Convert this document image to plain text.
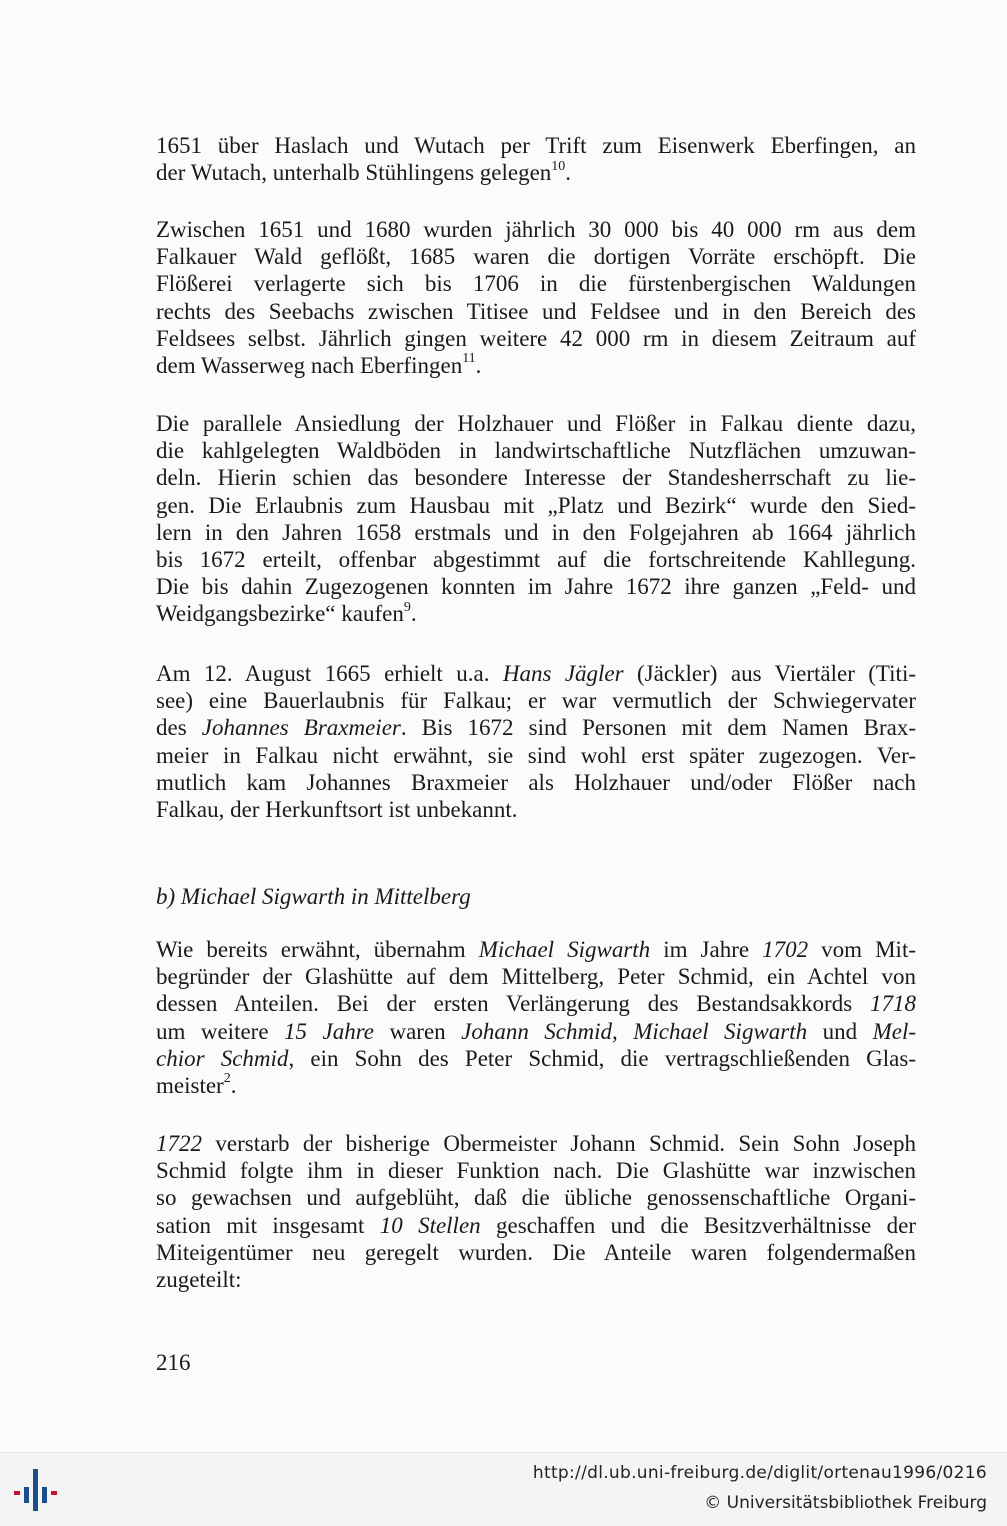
1651 über Haslach und Wutach per Trift zum Eisenwerk Eberfingen, an
der Wutach, unterhalb Stühlingens gelegen$^{10}$.
Zwischen 1651 und 1680 wurden jährlich 30 000 bis 40 000 rm aus dem
Falkauer Wald geflößt, 1685 waren die dortigen Vorräte erschöpft. Die
Flößerei verlagerte sich bis 1706 in die fürstenbergischen Waldungen
rechts des Seebachs zwischen Titisee und Feldsee und in den Bereich des
Feldsees selbst. Jährlich gingen weitere 42 000 rm in diesem Zeitraum auf
dem Wasserweg nach Eberfingen$^{11}$.
Die parallele Ansiedlung der Holzhauer und Flößer in Falkau diente dazu,
die kahlgelegten Waldböden in landwirtschaftliche Nutzflächen umzuwan-
deln. Hierin schien das besondere Interesse der Standesherrschaft zu lie-
gen. Die Erlaubnis zum Hausbau mit „Platz und Bezirk“ wurde den Sied-
lern in den Jahren 1658 erstmals und in den Folgejahren ab 1664 jährlich
bis 1672 erteilt, offenbar abgestimmt auf die fortschreitende Kahllegung.
Die bis dahin Zugezogenen konnten im Jahre 1672 ihre ganzen „Feld- und
Weidgangsbezirke“ kaufen$^9$.
Am 12. August 1665 erhielt u.a. Hans Jägler (Jäckler) aus Viertäler (Titi-
see) eine Bauerlaubnis für Falkau; er war vermutlich der Schwiegervater
des Johannes Braxmeier. Bis 1672 sind Personen mit dem Namen Brax-
meier in Falkau nicht erwähnt, sie sind wohl erst später zugezogen. Ver-
mutlich kam Johannes Braxmeier als Holzhauer und/oder Flößer nach
Falkau, der Herkunftsort ist unbekannt.
b) Michael Sigwarth in Mittelberg
Wie bereits erwähnt, übernahm Michael Sigwarth im Jahre 1702 vom Mit-
begründer der Glashütte auf dem Mittelberg, Peter Schmid, ein Achtel von
dessen Anteilen. Bei der ersten Verlängerung des Bestandsakkords 1718
um weitere 15 Jahre waren Johann Schmid, Michael Sigwarth und Mel-
chior Schmid, ein Sohn des Peter Schmid, die vertragschließenden Glas-
meister$^2$.
1722 verstarb der bisherige Obermeister Johann Schmid. Sein Sohn Joseph
Schmid folgte ihm in dieser Funktion nach. Die Glashütte war inzwischen
so gewachsen und aufgeblüht, daß die übliche genossenschaftliche Organi-
sation mit insgesamt 10 Stellen geschaffen und die Besitzverhältnisse der
Miteigentümer neu geregelt wurden. Die Anteile waren folgendermaßen
zugeteilt:
216
http://dl.ub.uni-freiburg.de/diglit/ortenau1996/0216
© Universitätsbibliothek Freiburg
